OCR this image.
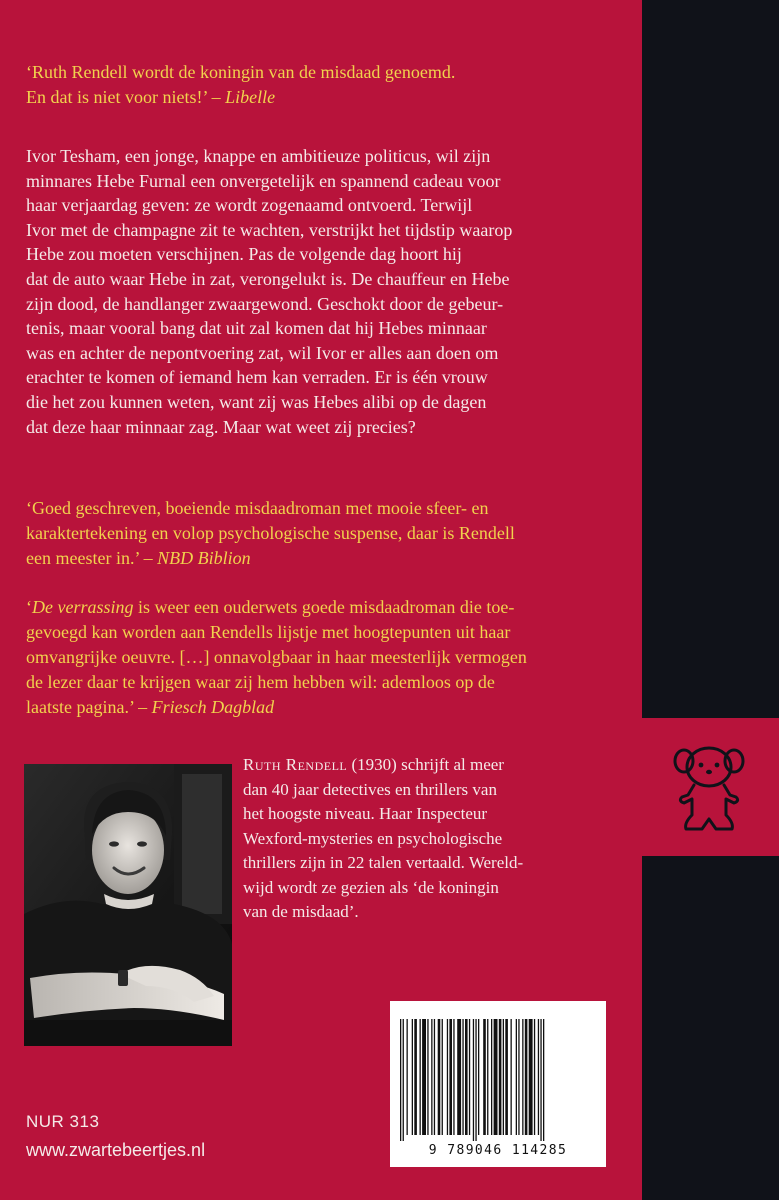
‘Ruth Rendell wordt de koningin van de misdaad genoemd.
En dat is niet voor niets!’ – Libelle
Ivor Tesham, een jonge, knappe en ambitieuze politicus, wil zijn
minnares Hebe Furnal een onvergetelijk en spannend cadeau voor
haar verjaardag geven: ze wordt zogenaamd ontvoerd. Terwijl
Ivor met de champagne zit te wachten, verstrijkt het tijdstip waarop
Hebe zou moeten verschijnen. Pas de volgende dag hoort hij
dat de auto waar Hebe in zat, verongelukt is. De chauffeur en Hebe
zijn dood, de handlanger zwaargewond. Geschokt door de gebeur-
tenis, maar vooral bang dat uit zal komen dat hij Hebes minnaar
was en achter de nepontvoering zat, wil Ivor er alles aan doen om
erachter te komen of iemand hem kan verraden. Er is één vrouw
die het zou kunnen weten, want zij was Hebes alibi op de dagen
dat deze haar minnaar zag. Maar wat weet zij precies?
‘Goed geschreven, boeiende misdaadroman met mooie sfeer- en
karaktertekening en volop psychologische suspense, daar is Rendell
een meester in.’ – NBD Biblion
‘De verrassing is weer een ouderwets goede misdaadroman die toe-
gevoegd kan worden aan Rendells lijstje met hoogtepunten uit haar
omvangrijke oeuvre. […] onnavolgbaar in haar meesterlijk vermogen
de lezer daar te krijgen waar zij hem hebben wil: ademloos op de
laatste pagina.’ – Friesch Dagblad
Ruth Rendell (1930) schrijft al meer
dan 40 jaar detectives en thrillers van
het hoogste niveau. Haar Inspecteur
Wexford-mysteries en psychologische
thrillers zijn in 22 talen vertaald. Wereld-
wijd wordt ze gezien als ‘de koningin
van de misdaad’.
9 789046 114285
NUR 313
www.zwartebeertjes.nl
